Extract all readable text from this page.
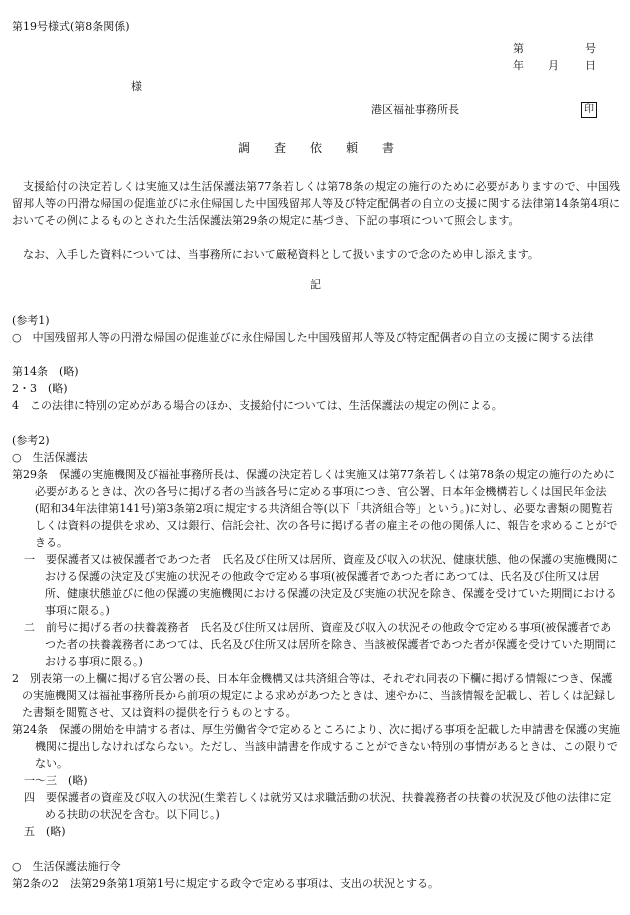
第19号様式(第8条関係)
第	号
年 月 日
様
港区福祉事務所長	印
調 査 依 頼 書
支援給付の決定若しくは実施又は生活保護法第77条若しくは第78条の規定の施行のために必要がありますので、中国残留邦人等の円滑な帰国の促進並びに永住帰国した中国残留邦人等及び特定配偶者の自立の支援に関する法律第14条第4項においてその例によるものとされた生活保護法第29条の規定に基づき、下記の事項について照会します。
なお、入手した資料については、当事務所において厳秘資料として扱いますので念のため申し添えます。
記
(参考1)
○　中国残留邦人等の円滑な帰国の促進並びに永住帰国した中国残留邦人等及び特定配偶者の自立の支援に関する法律
第14条　(略)
2・3　(略)
4　この法律に特別の定めがある場合のほか、支援給付については、生活保護法の規定の例による。
(参考2)
○　生活保護法
第29条　保護の実施機関及び福祉事務所長は、保護の決定若しくは実施又は第77条若しくは第78条の規定の施行のために必要があるときは、次の各号に掲げる者の当該各号に定める事項につき、官公署、日本年金機構若しくは国民年金法(昭和34年法律第141号)第3条第2項に規定する共済組合等(以下「共済組合等」という。)に対し、必要な書類の閲覧若しくは資料の提供を求め、又は銀行、信託会社、次の各号に掲げる者の雇主その他の関係人に、報告を求めることができる。
一　要保護者又は被保護者であつた者　氏名及び住所又は居所、資産及び収入の状況、健康状態、他の保護の実施機関における保護の決定及び実施の状況その他政令で定める事項(被保護者であつた者にあつては、氏名及び住所又は居所、健康状態並びに他の保護の実施機関における保護の決定及び実施の状況を除き、保護を受けていた期間における事項に限る。)
二　前号に掲げる者の扶養義務者　氏名及び住所又は居所、資産及び収入の状況その他政令で定める事項(被保護者であつた者の扶養義務者にあつては、氏名及び住所又は居所を除き、当該被保護者であつた者が保護を受けていた期間における事項に限る。)
2　別表第一の上欄に掲げる官公署の長、日本年金機構又は共済組合等は、それぞれ同表の下欄に掲げる情報につき、保護の実施機関又は福祉事務所長から前項の規定による求めがあつたときは、速やかに、当該情報を記載し、若しくは記録した書類を閲覧させ、又は資料の提供を行うものとする。
第24条　保護の開始を申請する者は、厚生労働省令で定めるところにより、次に掲げる事項を記載した申請書を保護の実施機関に提出しなければならない。ただし、当該申請書を作成することができない特別の事情があるときは、この限りでない。
一～三　(略)
四　要保護者の資産及び収入の状況(生業若しくは就労又は求職活動の状況、扶養義務者の扶養の状況及び他の法律に定める扶助の状況を含む。以下同じ。)
五　(略)
○　生活保護法施行令
第2条の2　法第29条第1項第1号に規定する政令で定める事項は、支出の状況とする。
